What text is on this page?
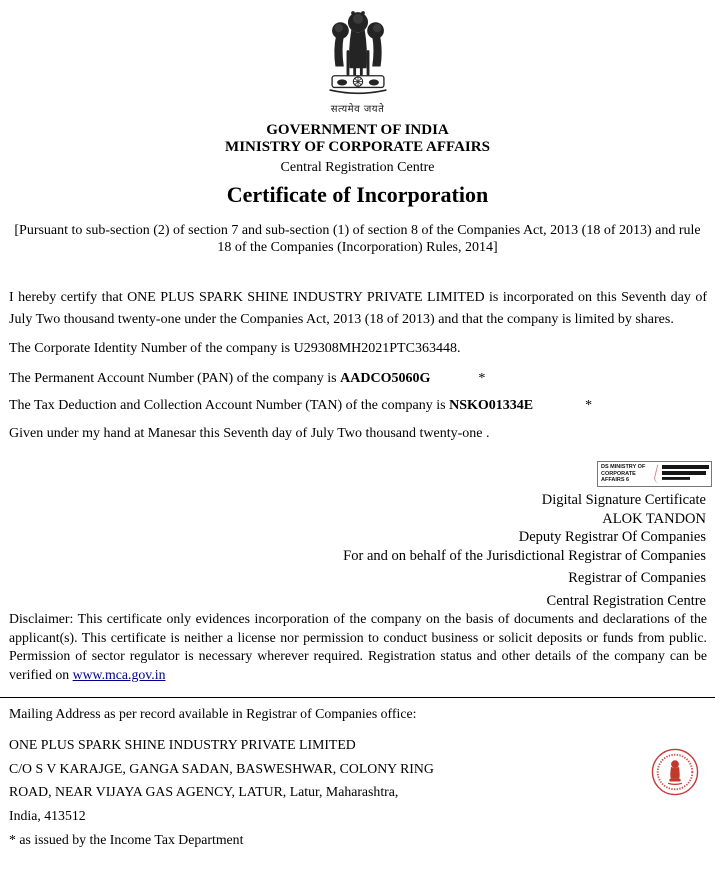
सत्यमेव जयते
GOVERNMENT OF INDIA
MINISTRY OF CORPORATE AFFAIRS
Central Registration Centre
Certificate of Incorporation
[Pursuant to sub-section (2) of section 7 and sub-section (1) of section 8 of the Companies Act, 2013 (18 of 2013) and rule 18 of the Companies (Incorporation) Rules, 2014]

I hereby certify that ONE PLUS SPARK SHINE INDUSTRY PRIVATE LIMITED is incorporated on this Seventh day of July Two thousand twenty-one under the Companies Act, 2013 (18 of 2013) and that the company is limited by shares.

The Corporate Identity Number of the company is U29308MH2021PTC363448.
The Permanent Account Number (PAN) of the company is AADCO5060G	*
The Tax Deduction and Collection Account Number (TAN) of the company is NSKO01334E	*
Given under my hand at Manesar this Seventh day of July Two thousand twenty-one .
DS MINISTRY OF CORPORATE AFFAIRS 6
Digital Signature Certificate
ALOK TANDON
Deputy Registrar Of Companies
For and on behalf of the Jurisdictional Registrar of Companies
Registrar of Companies
Central Registration Centre

Disclaimer: This certificate only evidences incorporation of the company on the basis of documents and declarations of the applicant(s). This certificate is neither a license nor permission to conduct business or solicit deposits or funds from public. Permission of sector regulator is necessary wherever required. Registration status and other details of the company can be verified on www.mca.gov.in

Mailing Address as per record available in Registrar of Companies office:
ONE PLUS SPARK SHINE INDUSTRY PRIVATE LIMITED
C/O S V KARAJGE, GANGA SADAN, BASWESHWAR, COLONY RING
ROAD, NEAR VIJAYA GAS AGENCY, LATUR, Latur, Maharashtra,
India, 413512
* as issued by the Income Tax Department
